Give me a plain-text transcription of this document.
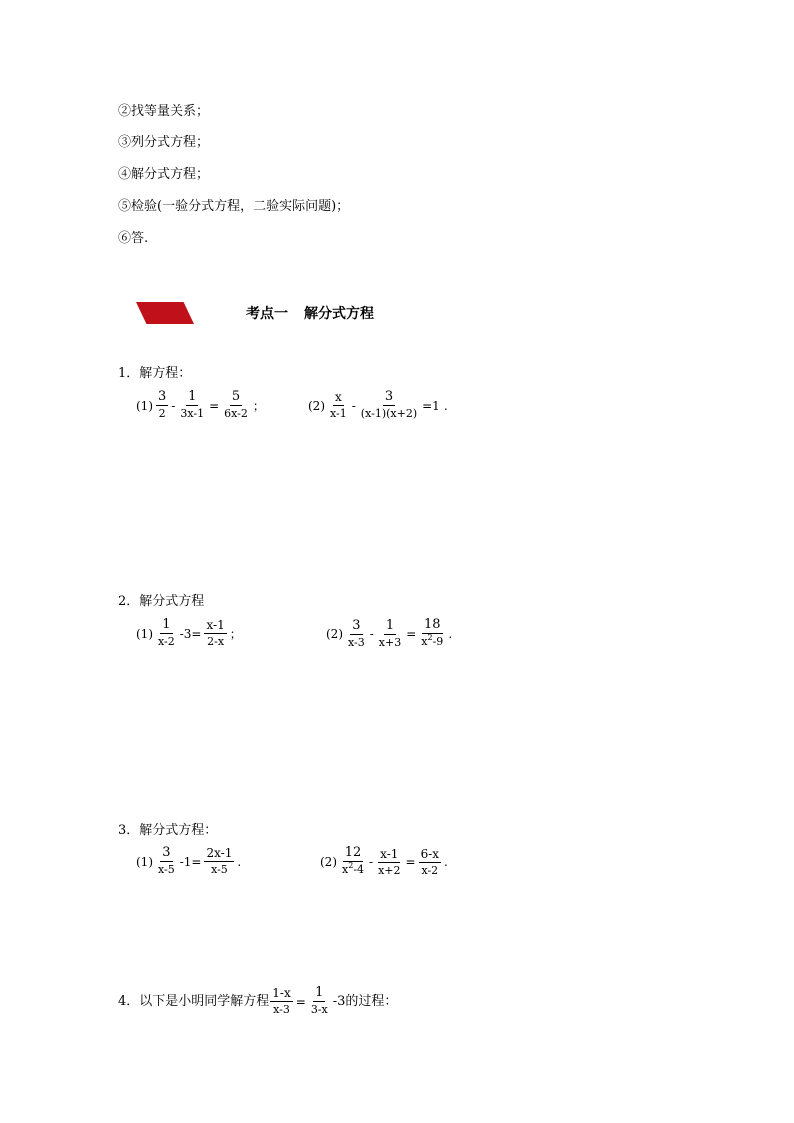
②找等量关系；
③列分式方程；
④解分式方程；
⑤检验(一验分式方程，二验实际问题)；
⑥答.
考点一 解分式方程
1．解方程：
$(1) \frac{3}{2} - \frac{1}{3x-1} = \frac{5}{6x-2}$ ；	$(2) \frac{x}{x-1} - \frac{3}{(x-1)(x+2)} =1$ .
2．解分式方程
$(1) \frac{1}{x-2} -3= \frac{x-1}{2-x}$ ；	$(2) \frac{3}{x-3} - \frac{1}{x+3} = \frac{18}{x^2-9}$ .
3．解分式方程：
$(1) \frac{3}{x-5} -1= \frac{2x-1}{x-5}$ .	$(2) \frac{12}{x^2-4} - \frac{x-1}{x+2} = \frac{6-x}{x-2}$ .
4．以下是小明同学解方程 $\frac{1-x}{x-3} = \frac{1}{3-x} -3$的过程：
